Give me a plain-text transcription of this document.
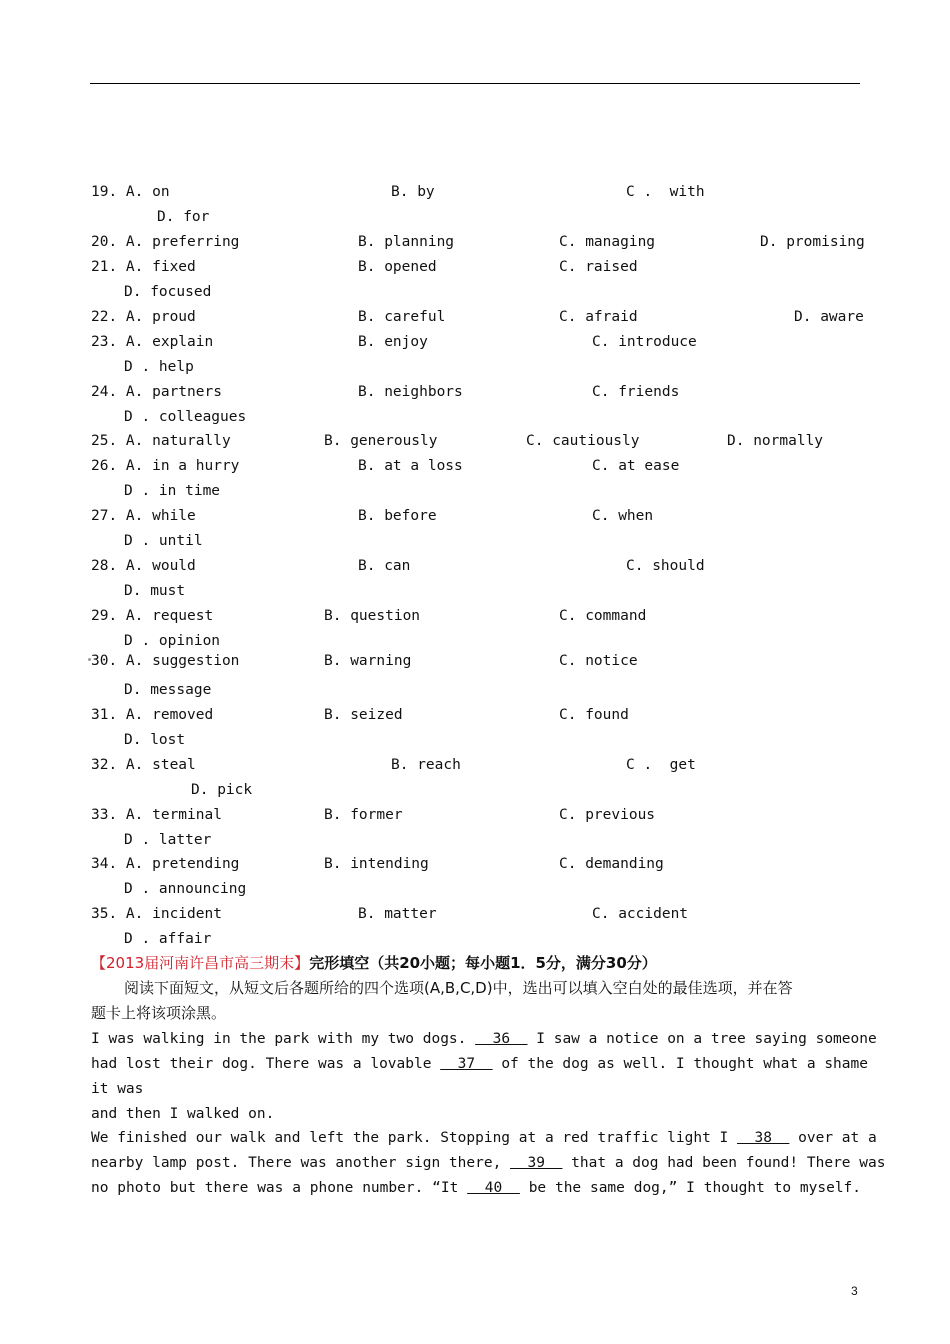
19. A. on	B. by	C .  with
D. for
20. A. preferring	B. planning	C. managing	D. promising
21. A. fixed	B. opened	C. raised
D. focused
22. A. proud	B. careful	C. afraid	D. aware
23. A. explain	B. enjoy	C. introduce
D . help
24. A. partners	B. neighbors	C. friends
D . colleagues
25. A. naturally	B. generously	C. cautiously	D. normally
26. A. in a hurry	B. at a loss	C. at ease
D . in time
27. A. while	B. before	C. when
D . until
28. A. would	B. can	C. should
D. must
29. A. request	B. question	C. command
D . opinion
30. A. suggestion	B. warning	C. notice
D. message
31. A. removed	B. seized	C. found
D. lost
32. A. steal	B. reach	C .  get
D. pick
33. A. terminal	B. former	C. previous
D . latter
34. A. pretending	B. intending	C. demanding
D . announcing
35. A. incident	B. matter	C. accident
D . affair
【2013届河南许昌市高三期末】完形填空（共20小题；每小题1．5分，满分30分）
阅读下面短文，从短文后各题所给的四个选项(A,B,C,D)中，选出可以填入空白处的最佳选项，并在答
题卡上将该项涂黑。
I was walking in the park with my two dogs.   36   I saw a notice on a tree saying someone
had lost their dog. There was a lovable   37   of the dog as well. I thought what a shame
it was
and then I walked on.
We finished our walk and left the park. Stopping at a red traffic light I   38   over at a
nearby lamp post. There was another sign there,   39   that a dog had been found! There was
no photo but there was a phone number. “It   40   be the same dog,” I thought to myself.
3
